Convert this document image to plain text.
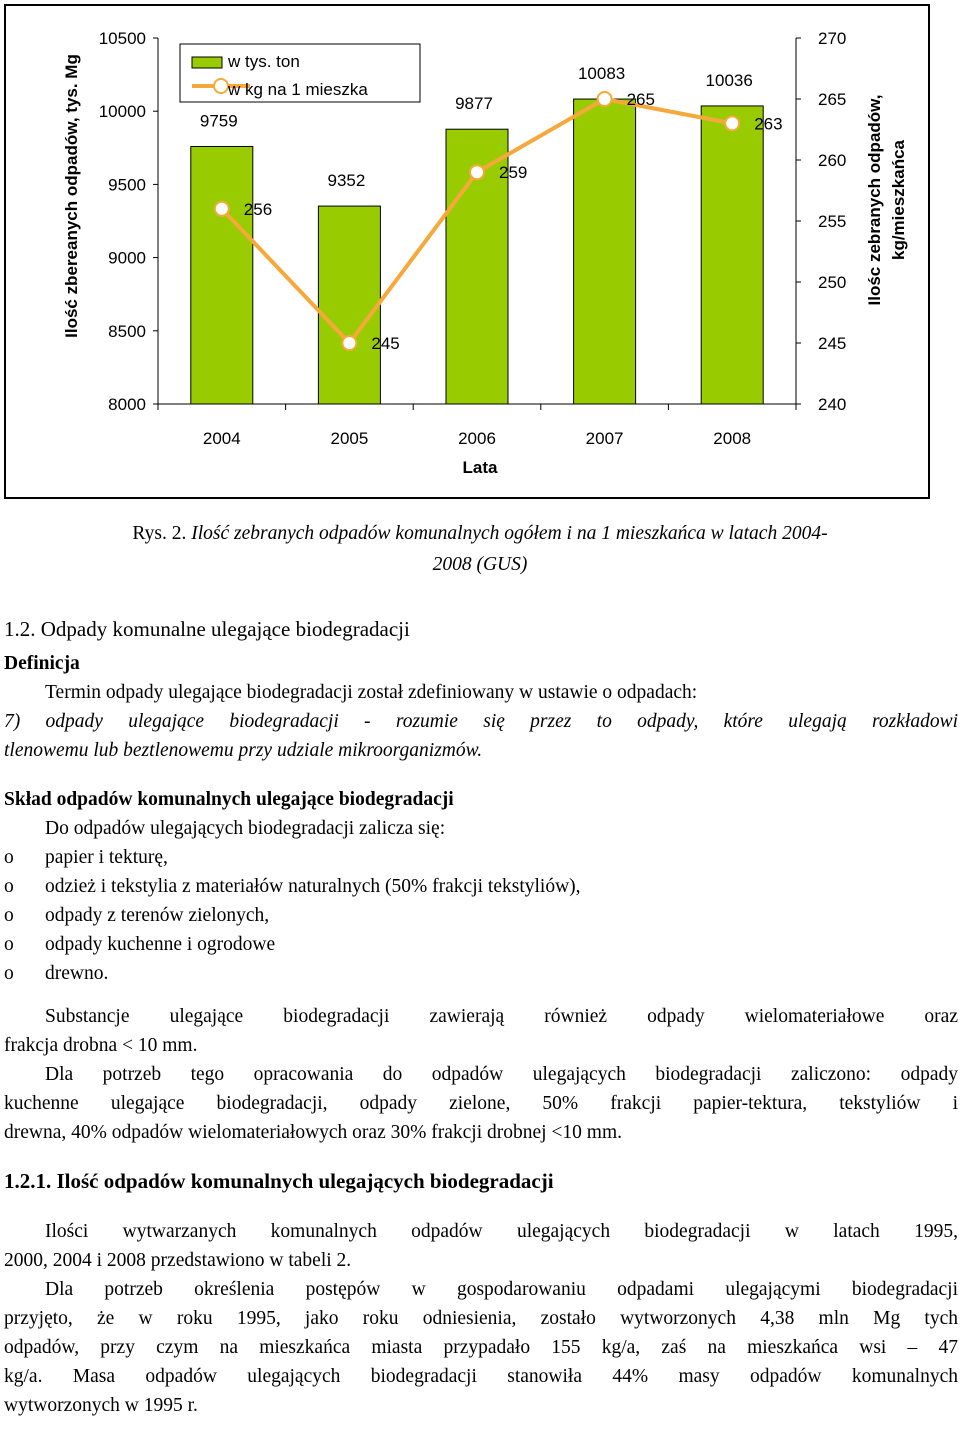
9759
9352
9877
10083	10036
256
245
259
265
263
8000
8500
9000
9500
10000
10500
240
245
250
255
260
265
270
2004	2005	2006	2007	2008
w tys. ton
w kg na 1 mieszka
Ilość zbereanych odpadów, tys. Mg	Ilośc zebranych odpadów, kg/mieszkańca
Lata
Rys. 2. Ilość zebranych odpadów komunalnych ogółem i na 1 mieszkańca w latach 2004-
2008 (GUS)

1.2. Odpady komunalne ulegające biodegradacji

Definicja

Termin odpady ulegające biodegradacji został zdefiniowany w ustawie o odpadach:

7) odpady ulegające biodegradacji - rozumie się przez to odpady, które ulegają rozkładowi

tlenowemu lub beztlenowemu przy udziale mikroorganizmów.

Skład odpadów komunalnych ulegające biodegradacji

Do odpadów ulegających biodegradacji zalicza się:

o papier i tekturę,
o odzież i tekstylia z materiałów naturalnych (50% frakcji tekstyliów),
o odpady z terenów zielonych,
o odpady kuchenne i ogrodowe
o drewno.

Substancje ulegające biodegradacji zawierają również odpady wielomateriałowe oraz

frakcja drobna < 10 mm.

Dla potrzeb tego opracowania do odpadów ulegających biodegradacji zaliczono: odpady

kuchenne ulegające biodegradacji, odpady zielone, 50% frakcji papier-tektura, tekstyliów i

drewna, 40% odpadów wielomateriałowych oraz 30% frakcji drobnej <10 mm.

1.2.1. Ilość odpadów komunalnych ulegających biodegradacji

Ilości wytwarzanych komunalnych odpadów ulegających biodegradacji w latach 1995,

2000, 2004 i 2008 przedstawiono w tabeli 2.

Dla potrzeb określenia postępów w gospodarowaniu odpadami ulegającymi biodegradacji

przyjęto, że w roku 1995, jako roku odniesienia, zostało wytworzonych 4,38 mln Mg tych

odpadów, przy czym na mieszkańca miasta przypadało 155 kg/a, zaś na mieszkańca wsi – 47

kg/a. Masa odpadów ulegających biodegradacji stanowiła 44% masy odpadów komunalnych

wytworzonych w 1995 r.
